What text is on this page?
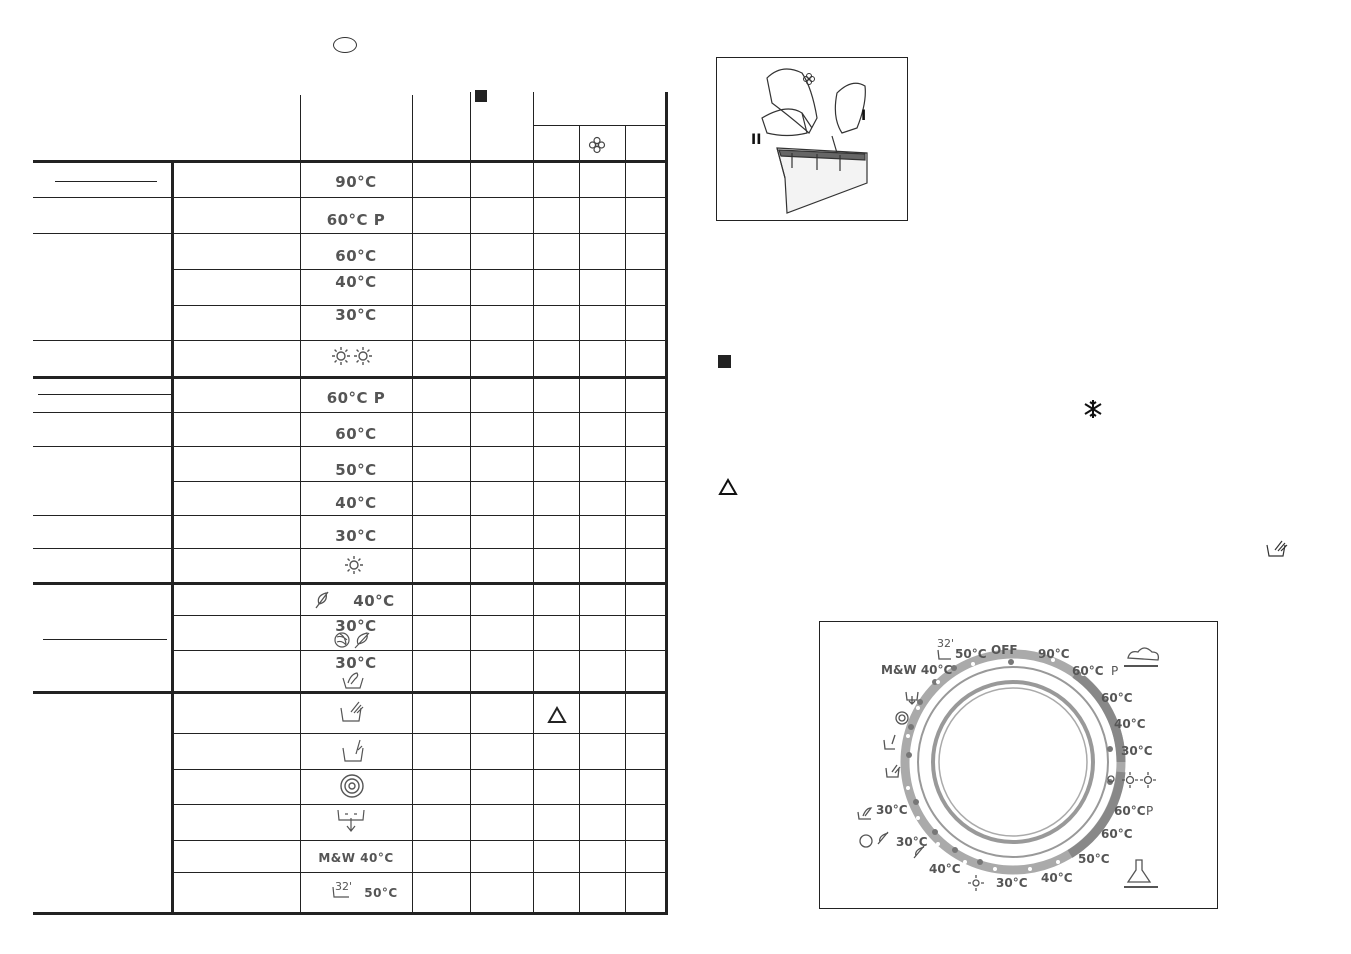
90°C
60°C P
60°C
40°C
30°C
60°C P
60°C
50°C
40°C
30°C
40°C
30°C
30°C
M&W 40°C
32'	50°C
II
I
OFF 90°C
60°C P
60°C
40°C
30°C
60°C P
60°C
50°C
40°C
30°C
40°C
30°C
30°C
M&W 40°C
50°C
32'
